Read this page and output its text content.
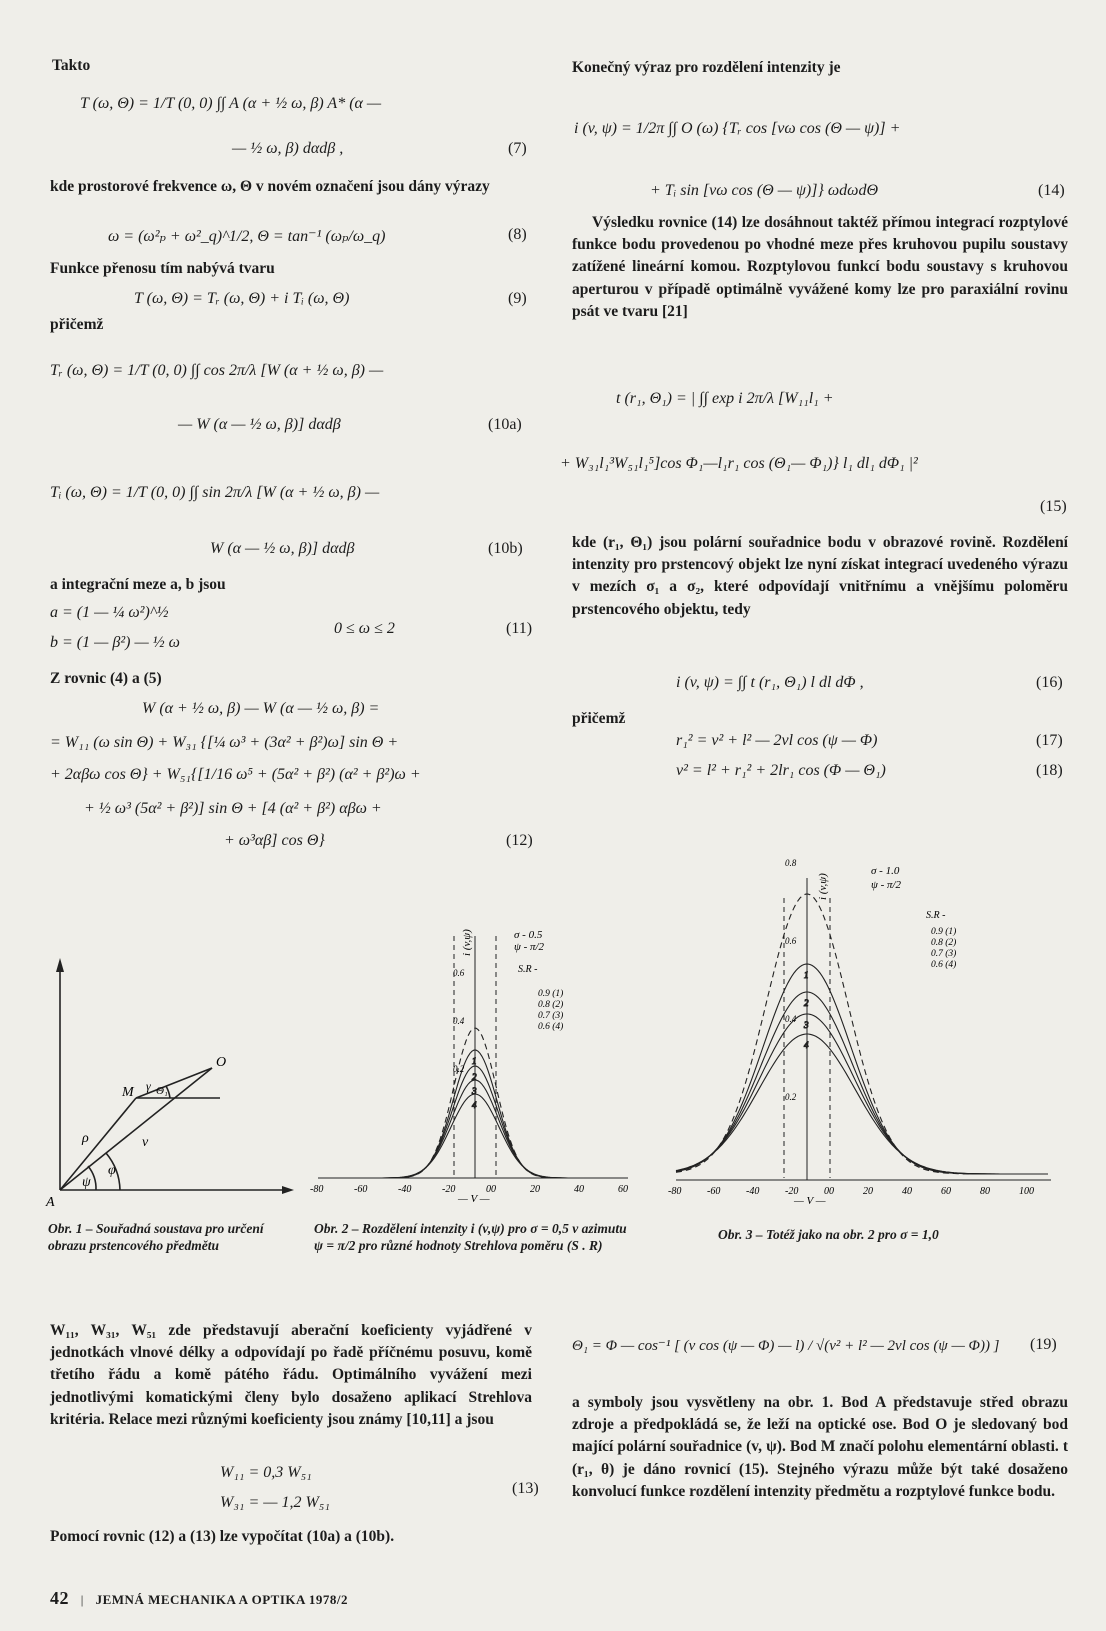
Takto
T (ω, Θ) = 1/T (0, 0) ∫∫ A (α + ½ ω, β) A* (α —
— ½ ω, β) dαdβ ,	(7)
kde prostorové frekvence ω, Θ v novém označení jsou dány výrazy
ω = (ω²ₚ + ω²_q)^1/2, Θ = tan⁻¹ (ωₚ/ω_q)	(8)
Funkce přenosu tím nabývá tvaru
T (ω, Θ) = Tᵣ (ω, Θ) + i Tᵢ (ω, Θ)	(9)
přičemž
Tᵣ (ω, Θ) = 1/T (0, 0) ∫∫ cos 2π/λ [W (α + ½ ω, β) —
— W (α — ½ ω, β)] dαdβ	(10a)
Tᵢ (ω, Θ) = 1/T (0, 0) ∫∫ sin 2π/λ [W (α + ½ ω, β) —
W (α — ½ ω, β)] dαdβ	(10b)
a integrační meze a, b jsou
a = (1 — ¼ ω²)^½
b = (1 — β²) — ½ ω
0 ≤ ω ≤ 2	(11)
Z rovnic (4) a (5)
W (α + ½ ω, β) — W (α — ½ ω, β) =
= W₁₁ (ω sin Θ) + W₃₁ {[¼ ω³ + (3α² + β²)ω] sin Θ +
+ 2αβω cos Θ} + W₅₁{[1/16 ω⁵ + (5α² + β²) (α² + β²)ω +
+ ½ ω³ (5α² + β²)] sin Θ + [4 (α² + β²) αβω +
+ ω³αβ] cos Θ}	(12)
Konečný výraz pro rozdělení intenzity je
i (v, ψ) = 1/2π ∫∫ O (ω) {Tᵣ cos [vω cos (Θ — ψ)] +
+ Tᵢ sin [vω cos (Θ — ψ)]} ωdωdΘ	(14)
Výsledku rovnice (14) lze dosáhnout taktéž přímou integrací rozptylové funkce bodu provedenou po vhodné meze přes kruhovou pupilu soustavy zatížené lineární komou. Rozptylovou funkcí bodu soustavy s kruhovou aperturou v případě optimálně vyvážené komy lze pro paraxiální rovinu psát ve tvaru [21]
t (r₁, Θ₁) = | ∫∫ exp i 2π/λ [W₁₁l₁ +
+ W₃₁l₁³W₅₁l₁⁵]cos Φ₁—l₁r₁ cos (Θ₁— Φ₁)} l₁ dl₁ dΦ₁ |²
(15)
kde (r₁, Θ₁) jsou polární souřadnice bodu v obrazové rovině. Rozdělení intenzity pro prstencový objekt lze nyní získat integrací uvedeného výrazu v mezích σ₁ a σ₂, které odpovídají vnitřnímu a vnějšímu poloměru prstencového objektu, tedy
i (v, ψ) = ∫∫ t (r₁, Θ₁) l dl dΦ ,	(16)
přičemž
r₁² = v² + l² — 2vl cos (ψ — Φ)	(17)
v² = l² + r₁² + 2lr₁ cos (Φ — Θ₁)	(18)
O
M
A
ρ	v
ψ
φ
γ Θ₁
Obr. 1 – Souřadná soustava pro určení obrazu prstencového předmětu
1
2
3
4
-80	-60	-40	-20	00	20	40	60
0.6
0.4
0.2
i (v,ψ)
— V —
σ - 0.5
ψ - π/2
S.R -
0.9 (1)
0.8 (2)
0.7 (3)
0.6 (4)
Obr. 2 – Rozdělení intenzity i (v,ψ) pro σ = 0,5 v azimutu ψ = π/2 pro různé hodnoty Strehlova poměru (S . R)
1
2
3
4
-80	-60	-40	-20	00	20	40	60	80	100
0.8
0.6
0.4
0.2
i (v,ψ)
— V —
σ - 1.0
ψ - π/2
S.R -
0.9 (1)
0.8 (2)
0.7 (3)
0.6 (4)
Obr. 3 – Totéž jako na obr. 2 pro σ = 1,0
W₁₁, W₃₁, W₅₁ zde představují aberační koeficienty vyjádřené v jednotkách vlnové délky a odpovídají po řadě příčnému posuvu, komě třetího řádu a komě pátého řádu. Optimálního vyvážení mezi jednotlivými komatickými členy bylo dosaženo aplikací Strehlova kritéria. Relace mezi různými koeficienty jsou známy [10,11] a jsou
W₁₁ = 0,3 W₅₁
W₃₁ = — 1,2 W₅₁
(13)
Pomocí rovnic (12) a (13) lze vypočítat (10a) a (10b).
Θ₁ = Φ — cos⁻¹ [ (v cos (ψ — Φ) — l) / √(v² + l² — 2vl cos (ψ — Φ)) ] (19)
a symboly jsou vysvětleny na obr. 1. Bod A představuje střed obrazu zdroje a předpokládá se, že leží na optické ose. Bod O je sledovaný bod mající polární souřadnice (v, ψ). Bod M značí polohu elementární oblasti. t (r₁, θ) je dáno rovnicí (15). Stejného výrazu může být také dosaženo konvolucí funkce rozdělení intenzity předmětu a rozptylové funkce bodu.
42 | JEMNÁ MECHANIKA A OPTIKA 1978/2
